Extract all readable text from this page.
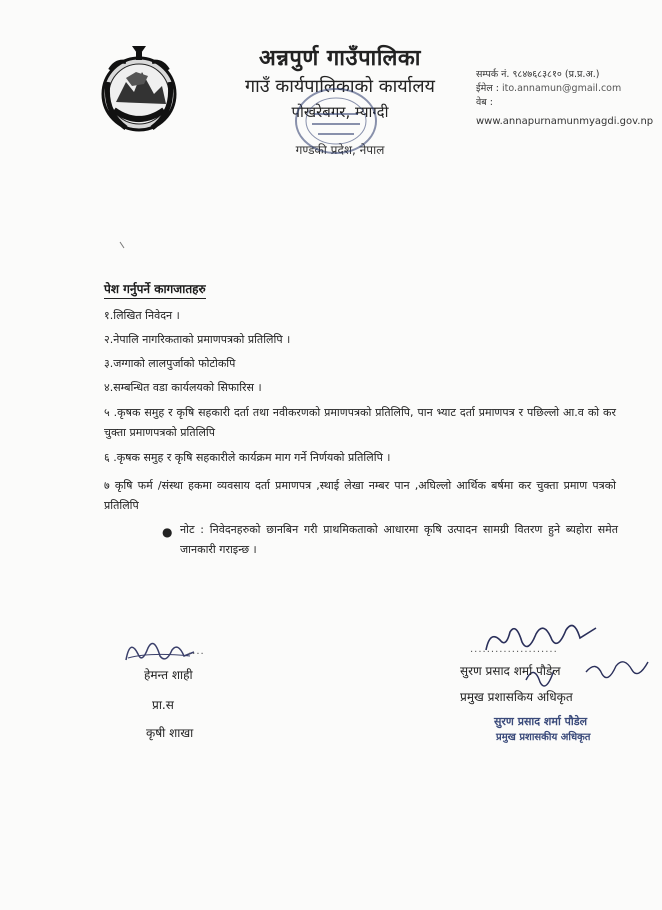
अन्नपुर्ण गाउँपालिका
गाउँ कार्यपालिकाको कार्यालय
पोखरेबगर, म्याग्दी
गण्डकी प्रदेश, नेपाल
सम्पर्क नं. ९८४७६८३८१० (प्र.प्र.अ.)
ईमेल : ito.annamun@gmail.com
वेब :
www.annapurnamunmyagdi.gov.np
पेश गर्नुपर्ने कागजातहरु
१.लिखित निवेदन ।
२.नेपालि नागरिकताको प्रमाणपत्रको प्रतिलिपि ।
३.जग्गाको लालपुर्जाको फोटोकपि
४.सम्बन्धित वडा कार्यलयको सिफारिस ।
५ .कृषक समुह र कृषि सहकारी दर्ता तथा नवीकरणको प्रमाणपत्रको प्रतिलिपि, पान भ्याट दर्ता प्रमाणपत्र र पछिल्लो आ.व को कर चुक्ता प्रमाणपत्रको प्रतिलिपि
६ .कृषक समुह र कृषि सहकारीले कार्यक्रम माग गर्ने निर्णयको प्रतिलिपि ।
७ कृषि फर्म /संस्था हकमा व्यवसाय दर्ता प्रमाणपत्र ,स्थाई लेखा नम्बर पान ,अघिल्लो आर्थिक बर्षमा कर चुक्ता प्रमाण पत्रको प्रतिलिपि
● नोट : निवेदनहरुको छानबिन गरी प्राथमिकताको आधारमा कृषि उत्पादन सामग्री वितरण हुने ब्यहोरा समेत जानकारी गराइन्छ ।
....
हेमन्त शाही
प्रा.स
कृषी शाखा
.....................
सुरण प्रसाद शर्मा पौडेल
प्रमुख प्रशासकिय अधिकृत
सुरण प्रसाद शर्मा पौडेल
प्रमुख प्रशासकीय अधिकृत
